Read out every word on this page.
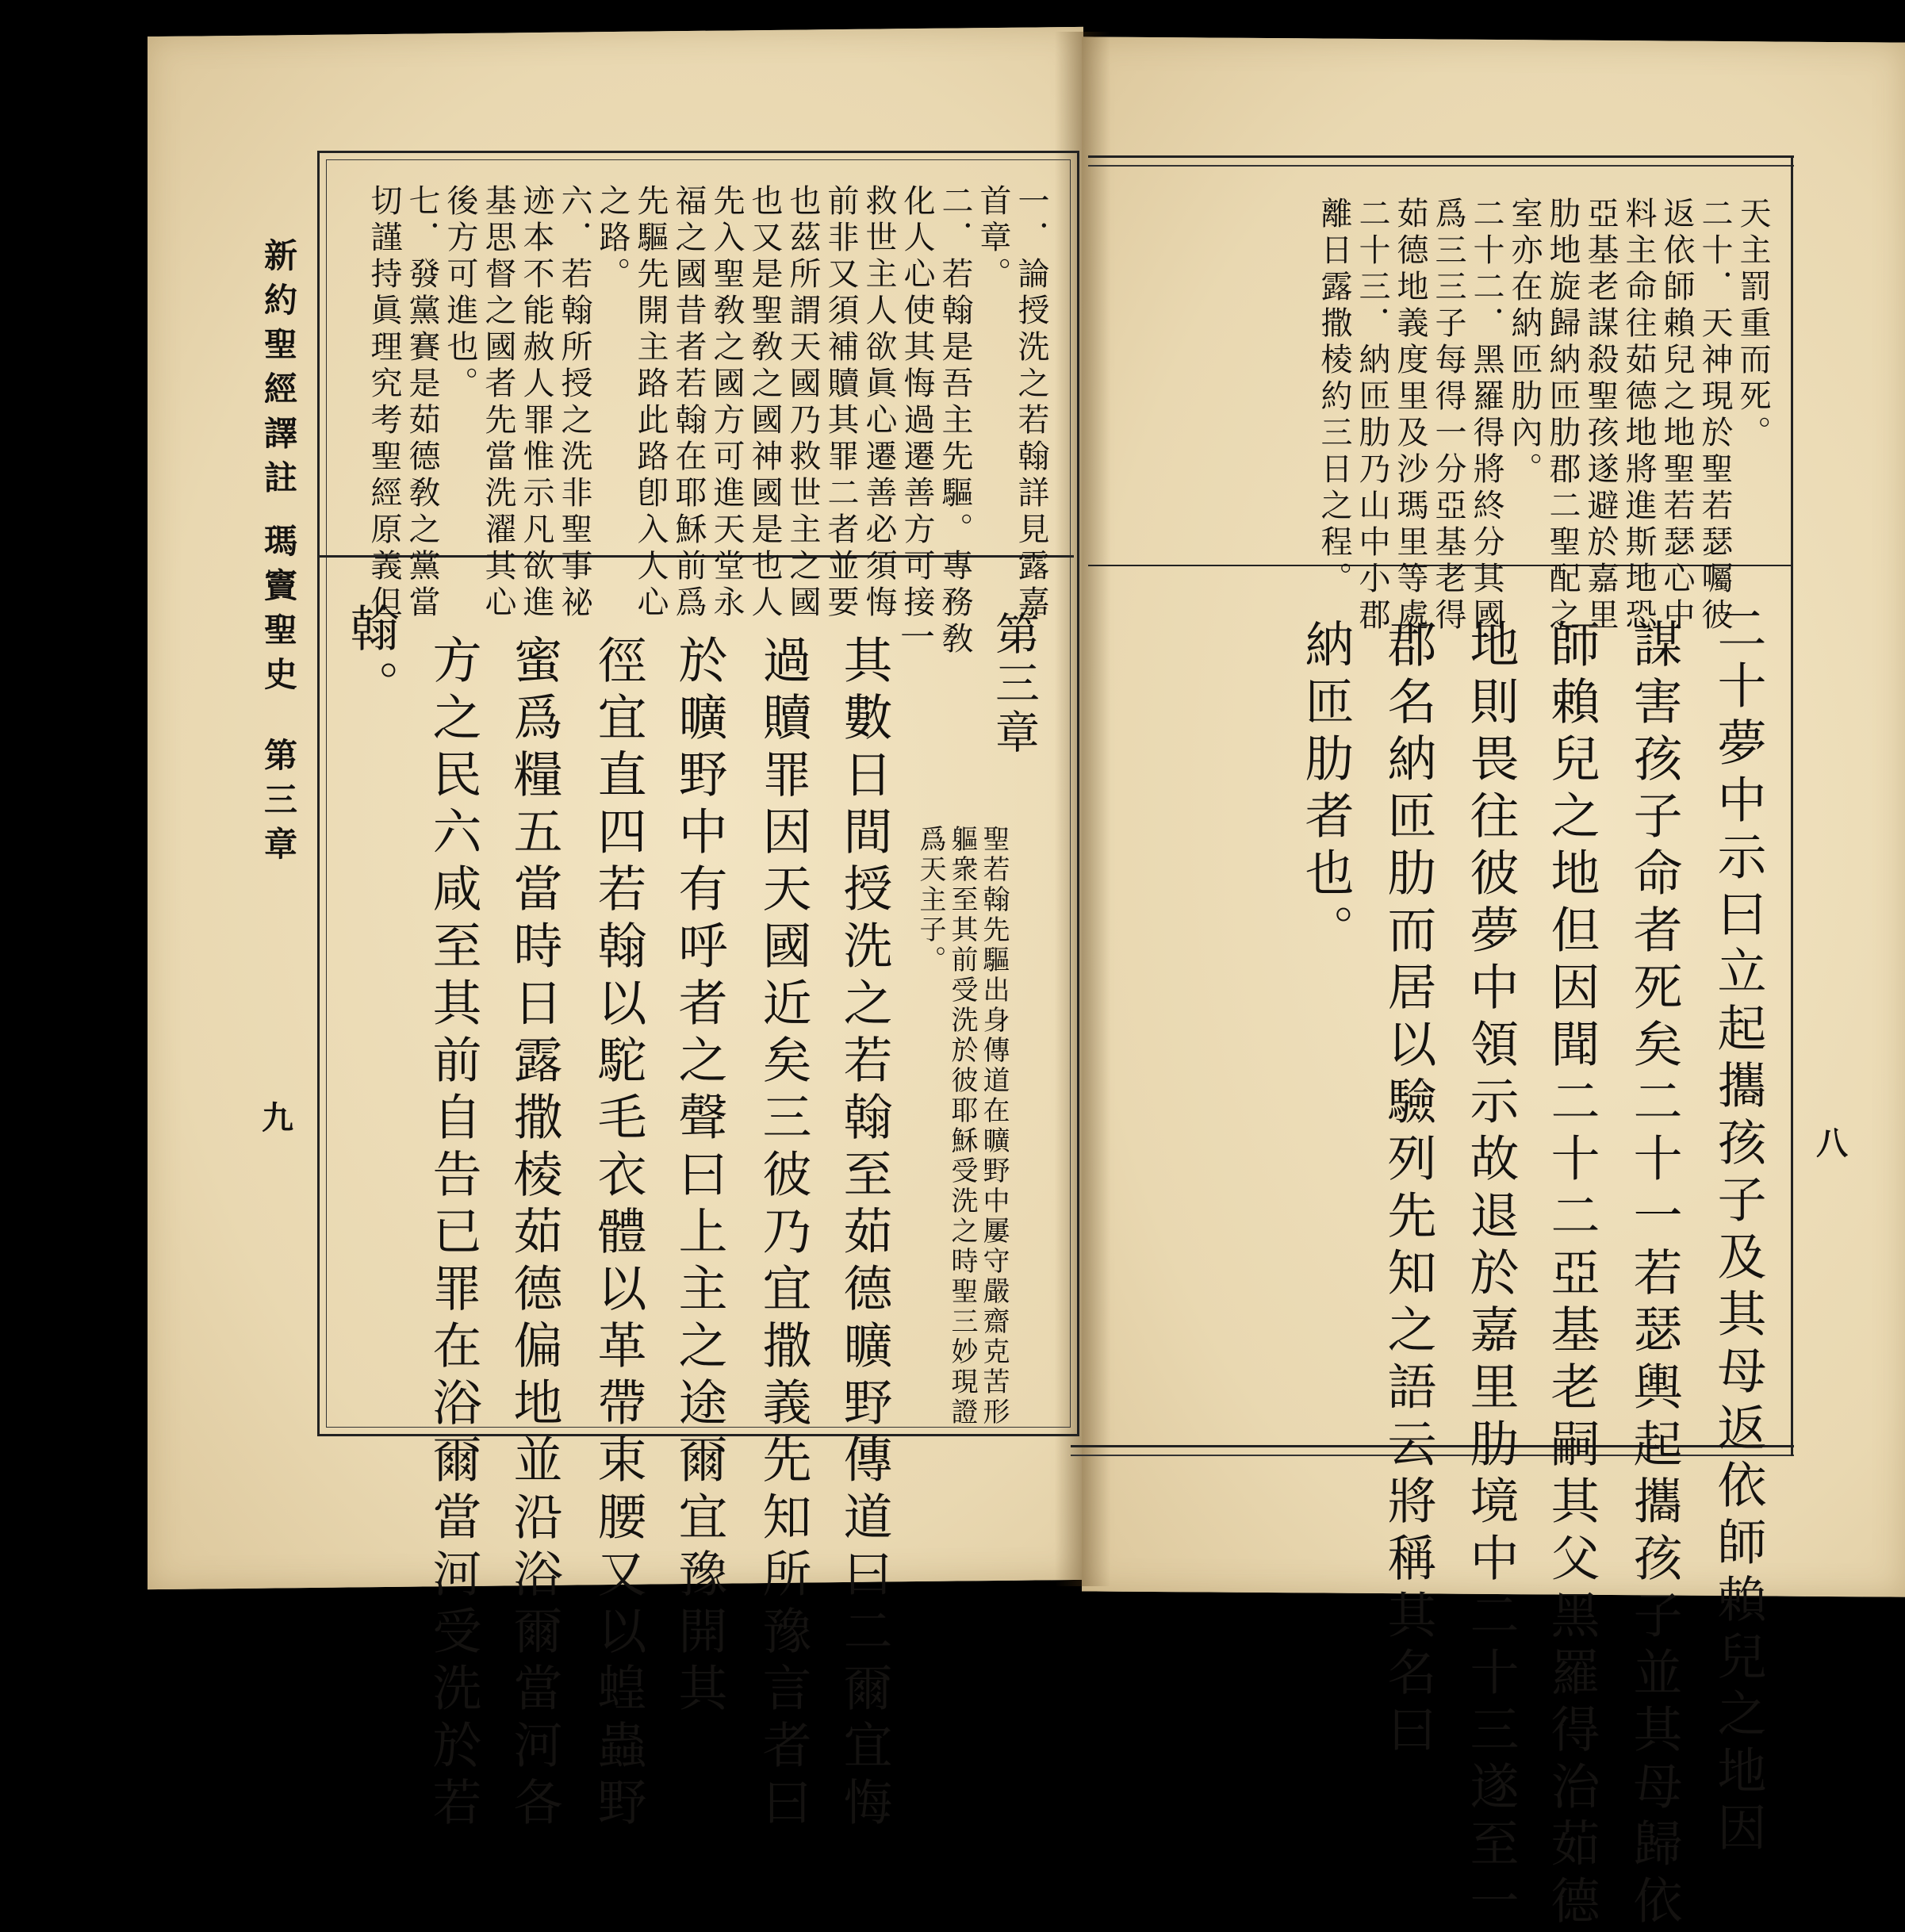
新約聖經譯註
瑪竇聖史
第三章
九
一．論授洗之若翰詳見露嘉
首章。
二．若翰是吾主先驅。專務敎
化人心使其悔過遷善方可接
救世主人欲眞心遷善必須悔
前非又須補贖其罪二者並要
也茲所謂天國乃救世主之國
也又是聖敎之國神國是也人
先入聖敎之國方可進天堂永
福之國昔者若翰在耶穌前爲
先驅先開主路此路卽入人心
之路。
六．若翰所授之洗非聖事祕
迹本不能赦人罪惟示凡欲進
基思督之國者先當洗濯其心
後方可進也。
七．發黨賽是茹德敎之黨當
切謹持眞理究考聖經原義但
第三章
聖若翰先驅出身傳道在曠野中屢守嚴齋克苦形
軀衆至其前受洗於彼耶穌受洗之時聖三妙現證
爲天主子。
一
其數日間授洗之若翰至茹德曠野傳道曰二爾宜悔
過贖罪因天國近矣三彼乃宜撒義先知所豫言者曰
於曠野中有呼者之聲曰上主之途爾宜豫開其
徑宜直四若翰以駝毛衣體以革帶束腰又以蝗蟲野
蜜爲糧五當時日露撒棱茹德偏地並沿浴爾當河各
方之民六咸至其前自告已罪在浴爾當河受洗於若
翰。
八
天主罰重而死。
二十．天神現於聖若瑟囑彼
返依師賴兒之地聖若瑟心中
料主命往茹德地將進斯地恐
亞基老謀殺聖孩遂避於嘉里
肋地旋歸納匝肋郡二聖配之
室亦在納匝肋內。
二十二．黑羅得將終分其國
爲三三子每得一分亞基老得
茹德地義度里及沙瑪里等處
二十三．納匝肋乃山中小郡
離日露撒棱約三日之程。
二十夢中示曰立起攜孩子及其母返依師賴兒之地因
謀害孩子命者死矣二十一若瑟輿起攜孩子並其母歸依
師賴兒之地但因聞二十二亞基老嗣其父黑羅得治茹德
地則畏往彼夢中領示故退於嘉里肋境中二十三遂至一
郡名納匝肋而居以驗列先知之語云將稱其名曰
納匝肋者也。
